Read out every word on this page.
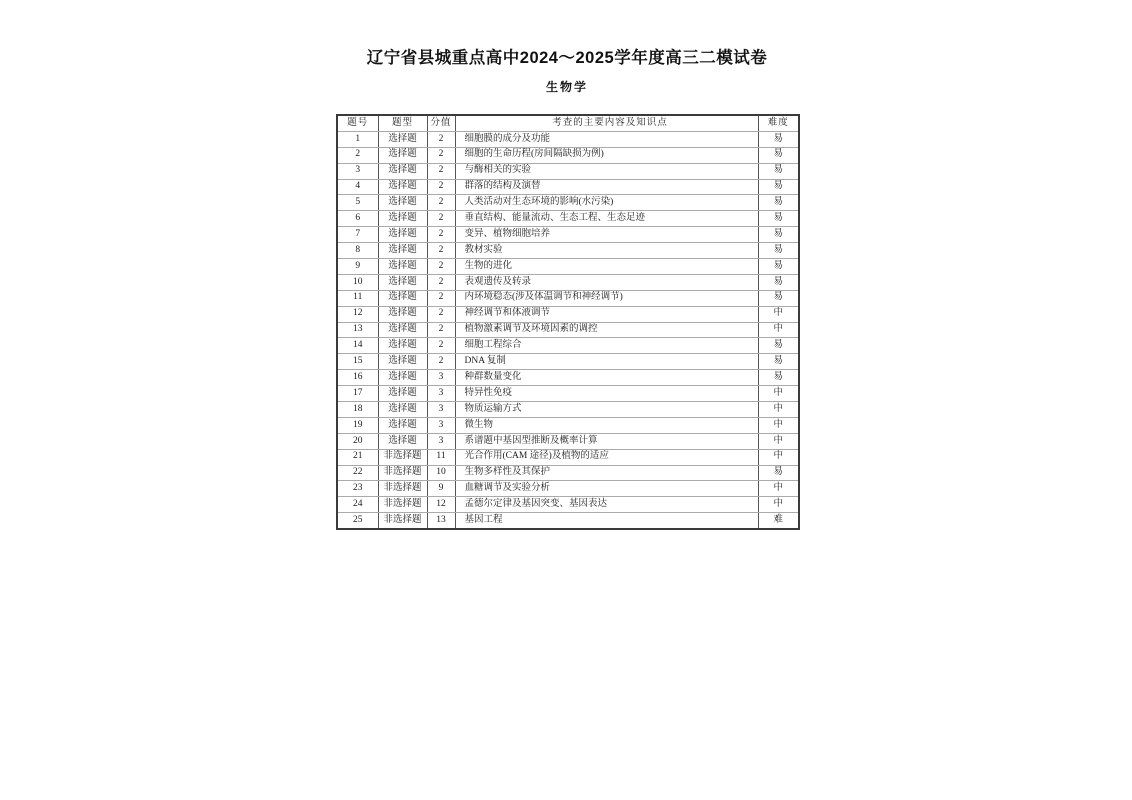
辽宁省县城重点高中2024～2025学年度高三二模试卷
生物学
题号	题型	分值	考查的主要内容及知识点	难度
1	选择题	2	细胞膜的成分及功能	易
2	选择题	2	细胞的生命历程(房间隔缺损为例)	易
3	选择题	2	与酶相关的实验	易
4	选择题	2	群落的结构及演替	易
5	选择题	2	人类活动对生态环境的影响(水污染)	易
6	选择题	2	垂直结构、能量流动、生态工程、生态足迹	易
7	选择题	2	变异、植物细胞培养	易
8	选择题	2	教材实验	易
9	选择题	2	生物的进化	易
10	选择题	2	表观遗传及转录	易
11	选择题	2	内环境稳态(涉及体温调节和神经调节)	易
12	选择题	2	神经调节和体液调节	中
13	选择题	2	植物激素调节及环境因素的调控	中
14	选择题	2	细胞工程综合	易
15	选择题	2	DNA 复制	易
16	选择题	3	种群数量变化	易
17	选择题	3	特异性免疫	中
18	选择题	3	物质运输方式	中
19	选择题	3	微生物	中
20	选择题	3	系谱题中基因型推断及概率计算	中
21	非选择题	11	光合作用(CAM 途径)及植物的适应	中
22	非选择题	10	生物多样性及其保护	易
23	非选择题	9	血糖调节及实验分析	中
24	非选择题	12	孟德尔定律及基因突变、基因表达	中
25	非选择题	13	基因工程	难
